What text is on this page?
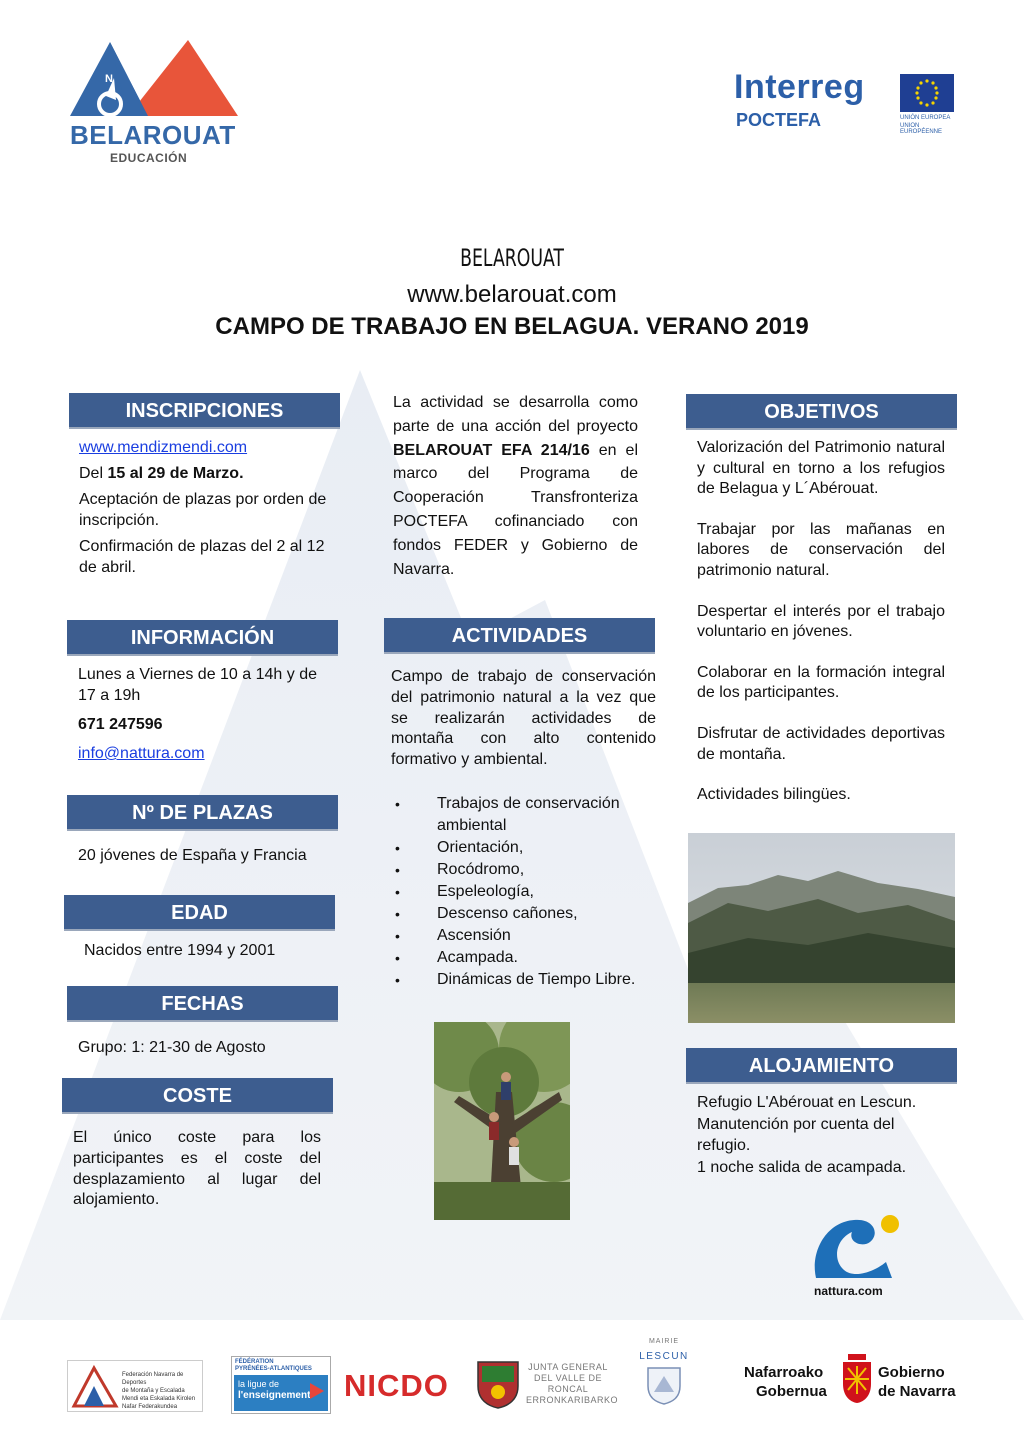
N
BELAROUAT
EDUCACIÓN
Interreg
POCTEFA	UNIÓN EUROPEA
UNION EUROPÉENNE
BELAROUAT
www.belarouat.com
CAMPO DE TRABAJO EN BELAGUA. VERANO 2019
INSCRIPCIONES
www.mendizmendi.com
Del 15 al 29 de Marzo.
Aceptación de plazas por orden de inscripción.
Confirmación de plazas del 2 al 12 de abril.
La actividad se desarrolla como parte de una acción del proyecto BELAROUAT EFA 214/16 en el marco del Programa de Cooperación Transfronteriza POCTEFA cofinanciado con fondos FEDER y Gobierno de Navarra.
OBJETIVOS
Valorización del Patrimonio natural y cultural en torno a los refugios de Belagua y L´Abérouat.
Trabajar por las mañanas en labores de conservación del patrimonio natural.
Despertar el interés por el trabajo voluntario en jóvenes.
Colaborar en la formación integral de los participantes.
Disfrutar de actividades deportivas de montaña.
Actividades bilingües.
INFORMACIÓN
Lunes a Viernes de 10 a 14h y de 17 a 19h
671 247596
info@nattura.com
ACTIVIDADES
Campo de trabajo de conservación del patrimonio natural a la vez que se realizarán actividades de montaña con alto contenido formativo y ambiental.
• Trabajos de conservación ambiental
• Orientación,
• Rocódromo,
• Espeleología,
• Descenso cañones,
• Ascensión
• Acampada.
• Dinámicas de Tiempo Libre.
Nº DE PLAZAS
20 jóvenes de España y Francia
EDAD
Nacidos entre 1994 y 2001
FECHAS
Grupo: 1: 21-30 de Agosto
COSTE
El único coste para los participantes es el coste del desplazamiento al lugar del alojamiento.
ALOJAMIENTO
Refugio L'Abérouat en Lescun.
Manutención por cuenta del refugio.
1 noche salida de acampada.
nattura.com
Federación Navarra de Deportes
de Montaña y Escalada
Mendi eta Eskalada Kirolen
Nafar Federakundea
FÉDÉRATION
PYRÉNÉES-ATLANTIQUES
la ligue de
l'enseignement NICDO
JUNTA GENERAL
DEL VALLE DE
RONCAL
ERRONKARIBARKO
MAIRIE
LESCUN
Nafarroako
Gobernua
Gobierno
de Navarra
